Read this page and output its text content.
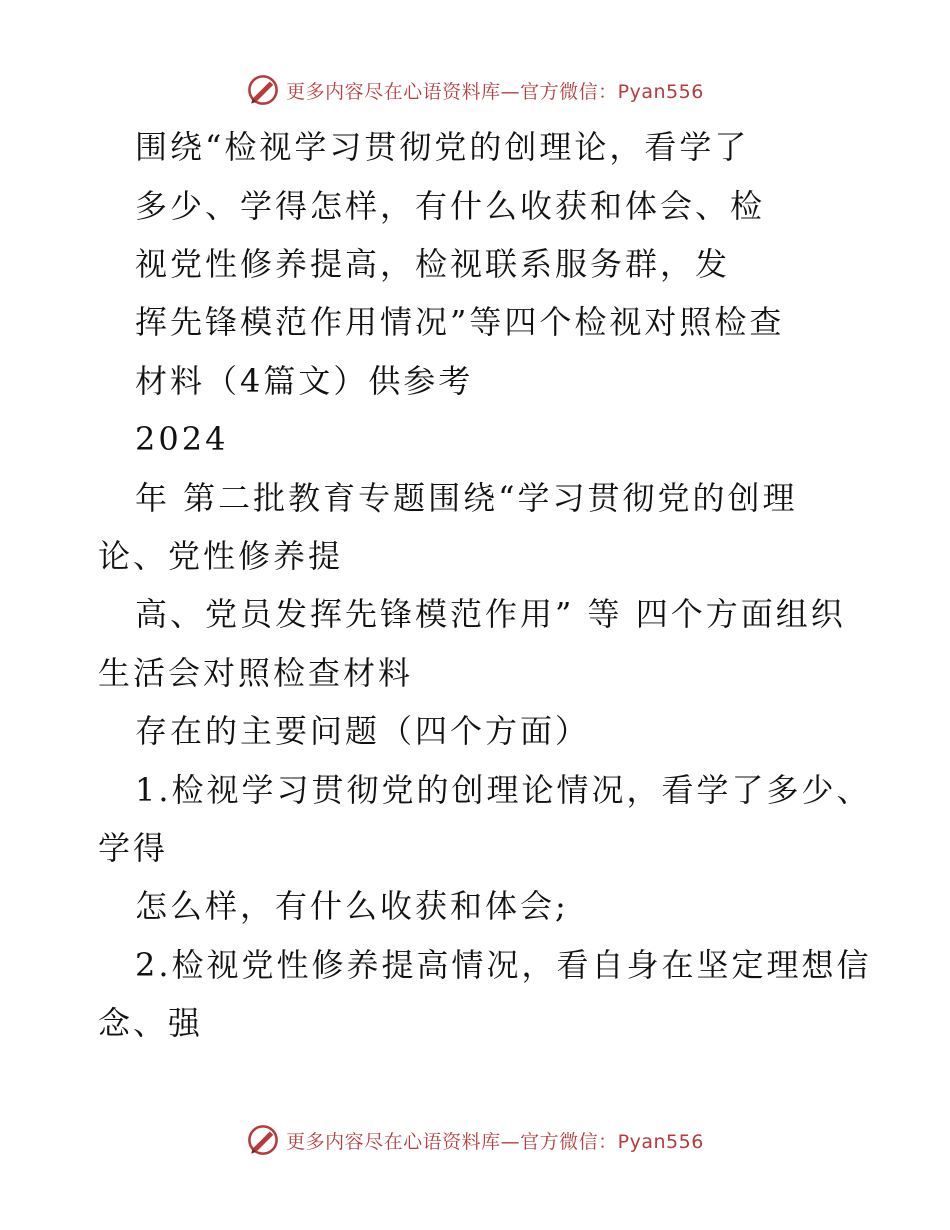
更多内容尽在心语资料库—官方微信：Pyan556
围绕“检视学习贯彻党的创理论，看学了
多少、学得怎样，有什么收获和体会、检
视党性修养提高，检视联系服务群，发
挥先锋模范作用情况”等四个检视对照检查
材料（4篇文）供参考
2024
年 第二批教育专题围绕“学习贯彻党的创理
论、党性修养提
高、党员发挥先锋模范作用” 等 四个方面组织
生活会对照检查材料
存在的主要问题（四个方面）
1.检视学习贯彻党的创理论情况，看学了多少、
学得
怎么样，有什么收获和体会;
2.检视党性修养提高情况，看自身在坚定理想信
念、强
更多内容尽在心语资料库—官方微信：Pyan556
